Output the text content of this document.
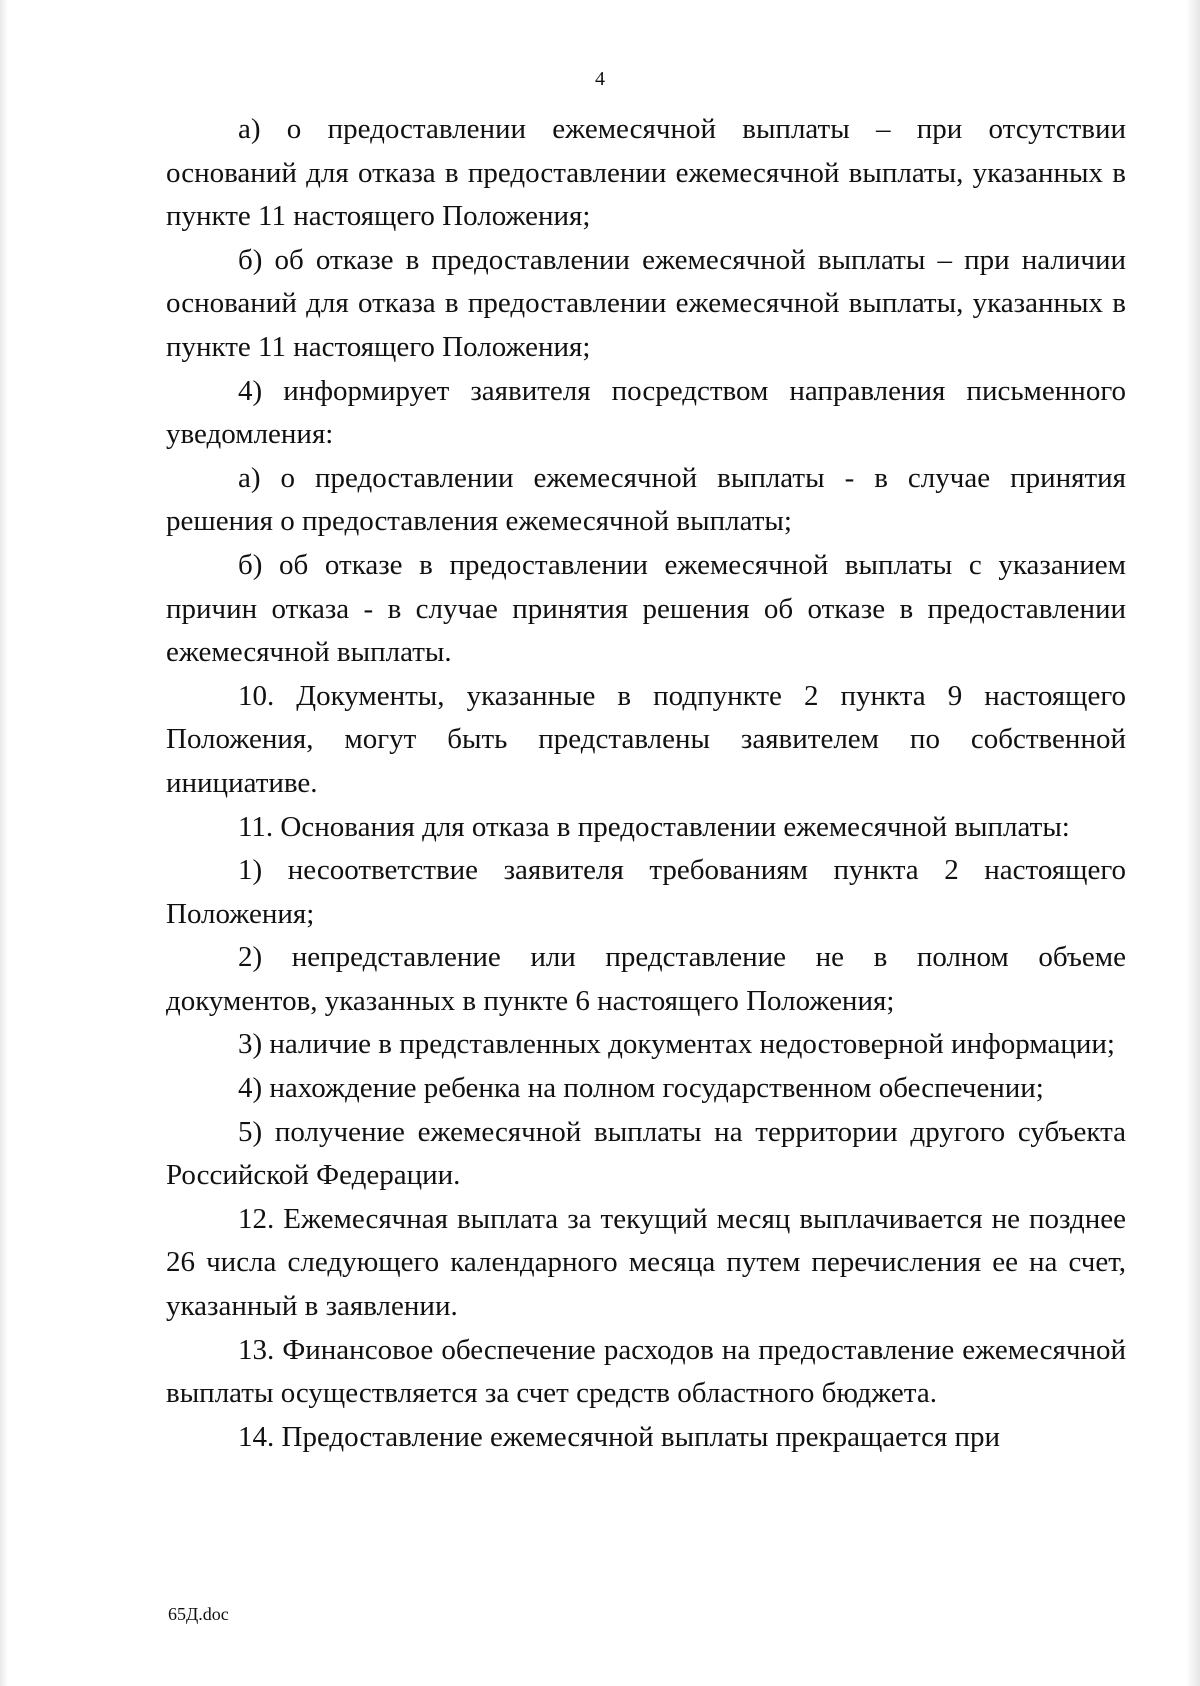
4

а) о предоставлении ежемесячной выплаты – при отсутствии оснований для отказа в предоставлении ежемесячной выплаты, указанных в пункте 11 настоящего Положения;

б) об отказе в предоставлении ежемесячной выплаты – при наличии оснований для отказа в предоставлении ежемесячной выплаты, указанных в пункте 11 настоящего Положения;

4) информирует заявителя посредством направления письменного уведомления:

а) о предоставлении ежемесячной выплаты - в случае принятия решения о предоставления ежемесячной выплаты;

б) об отказе в предоставлении ежемесячной выплаты с указанием причин отказа - в случае принятия решения об отказе в предоставлении ежемесячной выплаты.

10. Документы, указанные в подпункте 2 пункта 9 настоящего Положения, могут быть представлены заявителем по собственной инициативе.

11. Основания для отказа в предоставлении ежемесячной выплаты:

1) несоответствие заявителя требованиям пункта 2 настоящего Положения;

2) непредставление или представление не в полном объеме документов, указанных в пункте 6 настоящего Положения;

3) наличие в представленных документах недостоверной информации;

4) нахождение ребенка на полном государственном обеспечении;

5) получение ежемесячной выплаты на территории другого субъекта Российской Федерации.

12. Ежемесячная выплата за текущий месяц выплачивается не позднее 26 числа следующего календарного месяца путем перечисления ее на счет, указанный в заявлении.

13. Финансовое обеспечение расходов на предоставление ежемесячной выплаты осуществляется за счет средств областного бюджета.

14. Предоставление ежемесячной выплаты прекращается при

65Д.doc
